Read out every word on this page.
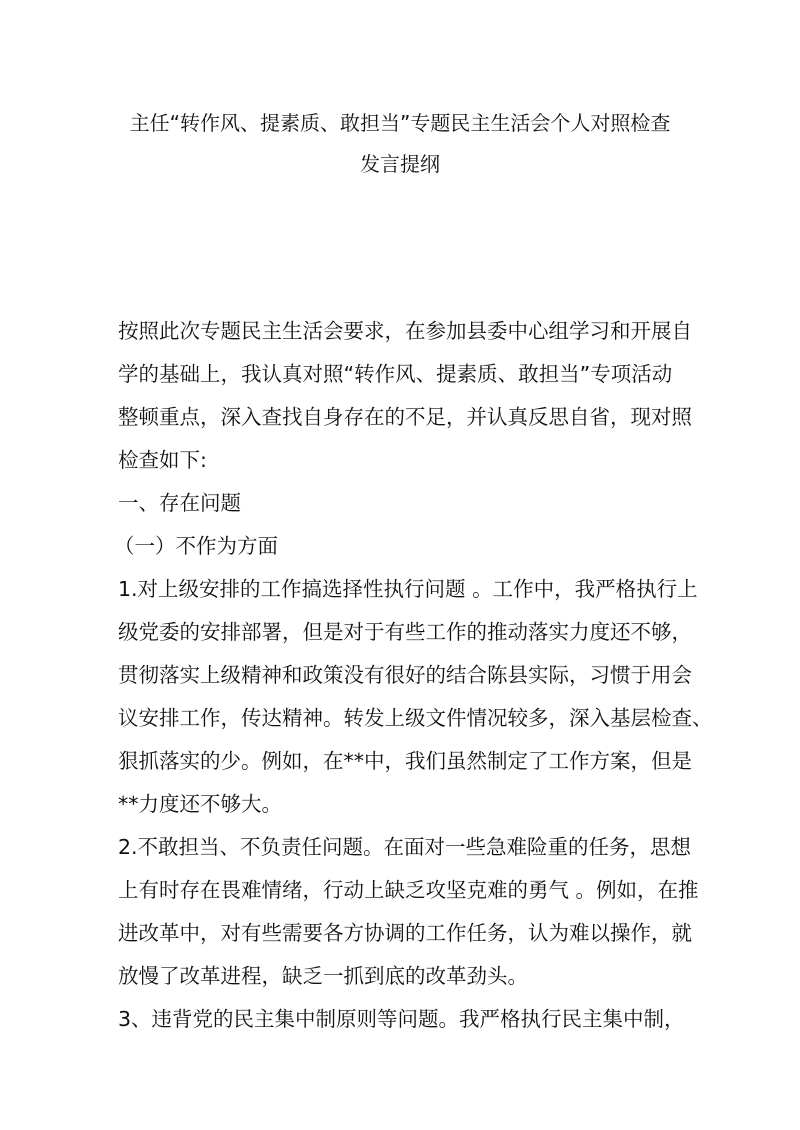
主任“转作风、提素质、敢担当”专题民主生活会个人对照检查
发言提纲
按照此次专题民主生活会要求，在参加县委中心组学习和开展自
学的基础上，我认真对照“转作风、提素质、敢担当”专项活动
整顿重点，深入查找自身存在的不足，并认真反思自省，现对照
检查如下:
一、存在问题
（一）不作为方面
1.对上级安排的工作搞选择性执行问题 。工作中，我严格执行上
级党委的安排部署，但是对于有些工作的推动落实力度还不够，
贯彻落实上级精神和政策没有很好的结合陈县实际，习惯于用会
议安排工作，传达精神。转发上级文件情况较多，深入基层检查、
狠抓落实的少。例如，在**中，我们虽然制定了工作方案，但是
**力度还不够大。
2.不敢担当、不负责任问题。在面对一些急难险重的任务，思想
上有时存在畏难情绪，行动上缺乏攻坚克难的勇气 。例如，在推
进改革中，对有些需要各方协调的工作任务，认为难以操作，就
放慢了改革进程，缺乏一抓到底的改革劲头。
3、违背党的民主集中制原则等问题。我严格执行民主集中制，
